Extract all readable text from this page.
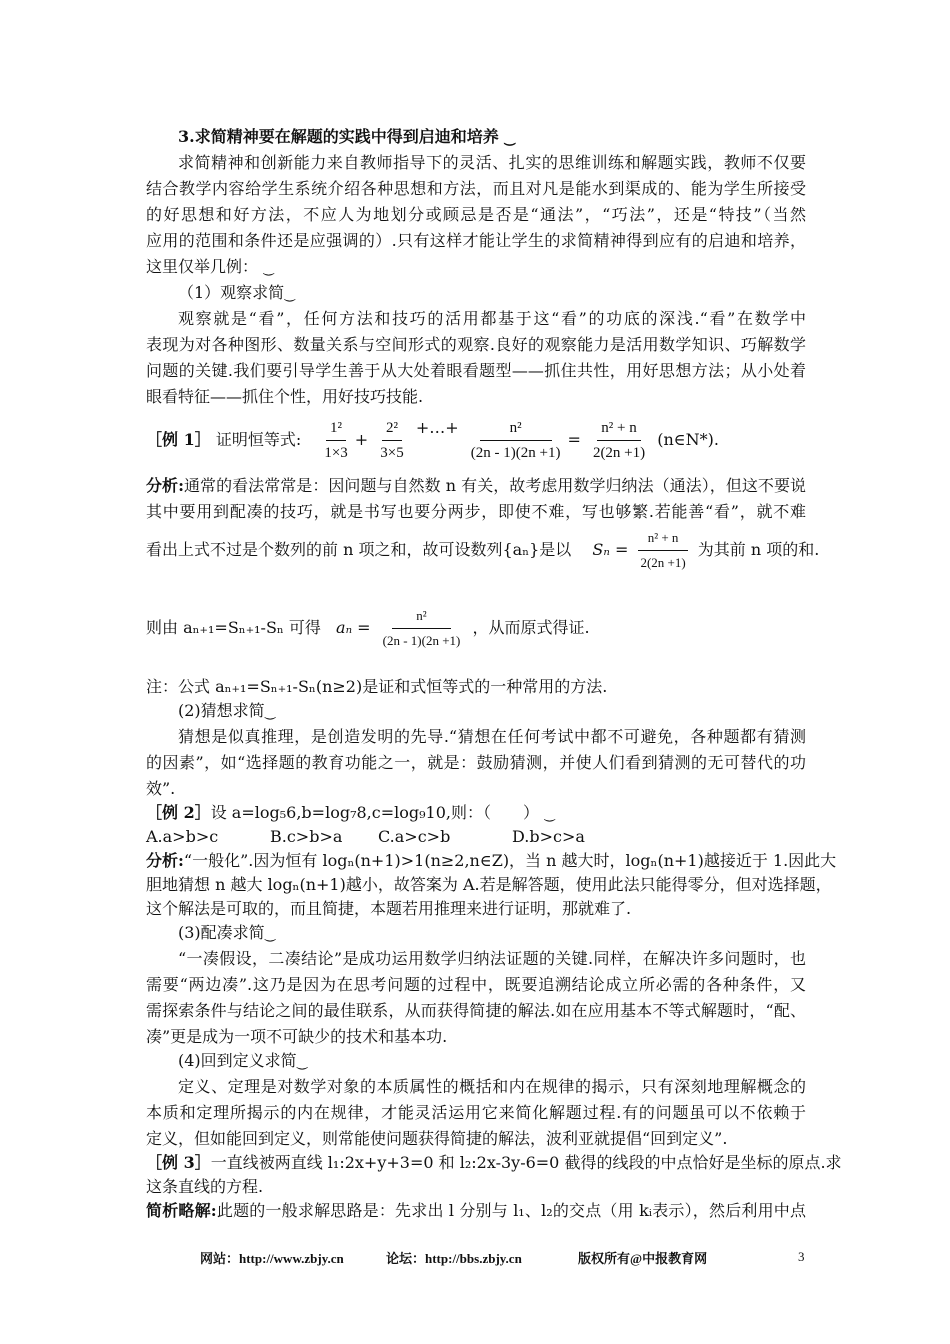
3.求简精神要在解题的实践中得到启迪和培养 ⏝
求简精神和创新能力来自教师指导下的灵活、扎实的思维训练和解题实践，教师不仅要
结合教学内容给学生系统介绍各种思想和方法，而且对凡是能水到渠成的、能为学生所接受
的好思想和好方法，不应人为地划分或顾忌是否是“通法”，“巧法”，还是“特技”（当然
应用的范围和条件还是应强调的）.只有这样才能让学生的求简精神得到应有的启迪和培养，
这里仅举几例： ⏝
（1）观察求简⏝
观察就是“看”，任何方法和技巧的活用都基于这“看”的功底的深浅.“看”在数学中
表现为对各种图形、数量关系与空间形式的观察.良好的观察能力是活用数学知识、巧解数学
问题的关键.我们要引导学生善于从大处着眼看题型——抓住共性，用好思想方法；从小处着
眼看特征——抓住个性，用好技巧技能.
［例 1］ 证明恒等式: $\frac{\text{1²}}{1\times 3} + \frac{\text{2²}}{3\times 5}$ +…+ $\frac{\text{n²}}{(2n - 1)(2n +1)} = \frac{\text{n² + n}}{2(2n +1)}$ (n∈N*).
分析:通常的看法常常是：因问题与自然数 n 有关，故考虑用数学归纳法（通法），但这不要说
其中要用到配凑的技巧，就是书写也要分两步，即使不难，写也够繁.若能善“看”，就不难
看出上式不过是个数列的前 n 项之和，故可设数列{aₙ}是以 $S_n = \frac{\text{n² + n}}{2(2n +1)}$ 为其前 n 项的和.
则由 aₙ₊₁=Sₙ₊₁-Sₙ 可得 $a_n = \frac{\text{n²}}{(2n - 1)(2n +1)}$ ，从而原式得证.
注：公式 aₙ₊₁=Sₙ₊₁-Sₙ(n≥2)是证和式恒等式的一种常用的方法.
(2)猜想求简⏝
猜想是似真推理，是创造发明的先导.“猜想在任何考试中都不可避免，各种题都有猜测
的因素”，如“选择题的教育功能之一，就是：鼓励猜测，并使人们看到猜测的无可替代的功
效”.
［例 2］设 a=log₅6,b=log₇8,c=log₉10,则：（　　） ⏝
A.a>b>c	B.c>b>a C.a>c>b	D.b>c>a
分析:“一般化”.因为恒有 logₙ(n+1)>1(n≥2,n∈Z)，当 n 越大时，logₙ(n+1)越接近于 1.因此大
胆地猜想 n 越大 logₙ(n+1)越小，故答案为 A.若是解答题，使用此法只能得零分，但对选择题，
这个解法是可取的，而且简捷，本题若用推理来进行证明，那就难了.
(3)配凑求简⏝
“一凑假设，二凑结论”是成功运用数学归纳法证题的关键.同样，在解决许多问题时，也
需要“两边凑”.这乃是因为在思考问题的过程中，既要追溯结论成立所必需的各种条件，又
需探索条件与结论之间的最佳联系，从而获得简捷的解法.如在应用基本不等式解题时，“配、
凑”更是成为一项不可缺少的技术和基本功.
(4)回到定义求简⏝
定义、定理是对数学对象的本质属性的概括和内在规律的揭示，只有深刻地理解概念的
本质和定理所揭示的内在规律，才能灵活运用它来简化解题过程.有的问题虽可以不依赖于
定义，但如能回到定义，则常能使问题获得简捷的解法，波利亚就提倡“回到定义”.
［例 3］一直线被两直线 l₁:2x+y+3=0 和 l₂:2x-3y-6=0 截得的线段的中点恰好是坐标的原点.求
这条直线的方程.
简析略解:此题的一般求解思路是：先求出 l 分别与 l₁、l₂的交点（用 kᵢ表示），然后利用中点
网站：http://www.zbjy.cn	论坛：http://bbs.zbjy.cn	版权所有@中报教育网	3
